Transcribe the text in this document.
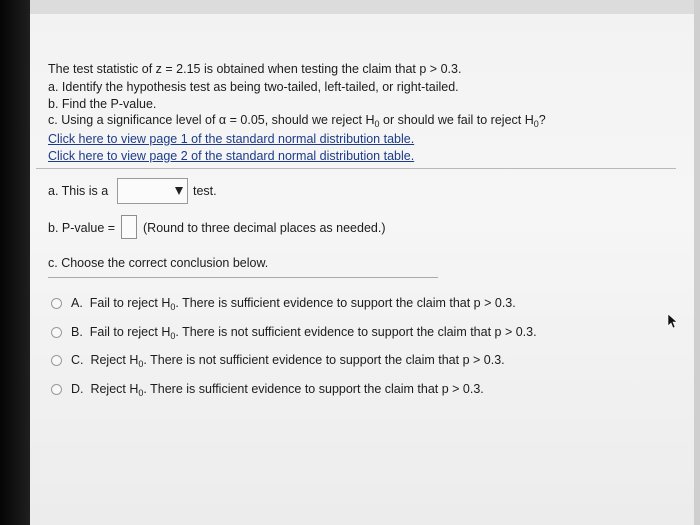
The test statistic of z = 2.15 is obtained when testing the claim that p > 0.3.
a. Identify the hypothesis test as being two-tailed, left-tailed, or right-tailed.
b. Find the P-value.
c. Using a significance level of α = 0.05, should we reject $H_0$ or should we fail to reject $H_0$?
Click here to view page 1 of the standard normal distribution table.
Click here to view page 2 of the standard normal distribution table.
a. This is a	test.
b. P-value = (Round to three decimal places as needed.)
c. Choose the correct conclusion below.
A. Fail to reject $H_0$. There is sufficient evidence to support the claim that p > 0.3.
B. Fail to reject $H_0$. There is not sufficient evidence to support the claim that p > 0.3.
C. Reject $H_0$. There is not sufficient evidence to support the claim that p > 0.3.
D. Reject $H_0$. There is sufficient evidence to support the claim that p > 0.3.
